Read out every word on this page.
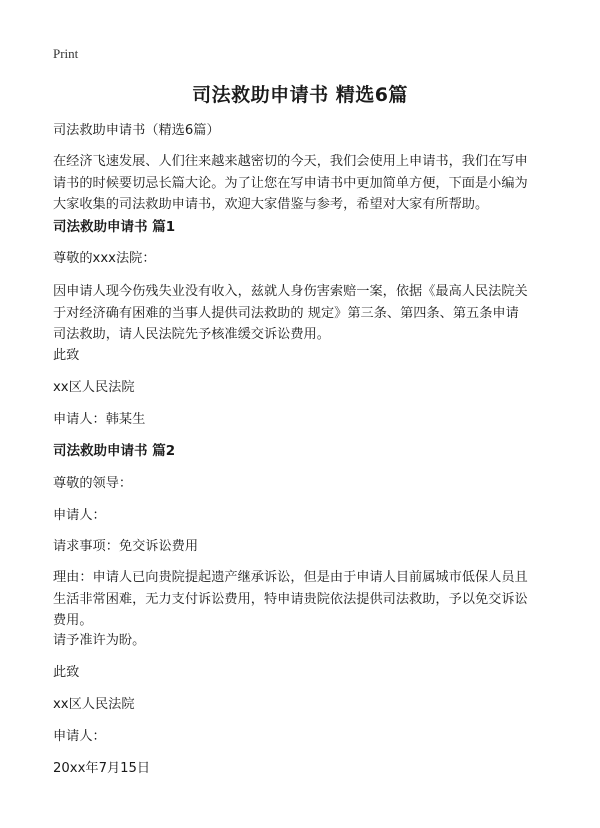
Print
司法救助申请书 精选6篇
司法救助申请书（精选6篇）
在经济飞速发展、人们往来越来越密切的今天，我们会使用上申请书，我们在写申
请书的时候要切忌长篇大论。为了让您在写申请书中更加简单方便，下面是小编为
大家收集的司法救助申请书，欢迎大家借鉴与参考，希望对大家有所帮助。
司法救助申请书 篇1
尊敬的xxx法院：
因申请人现今伤残失业没有收入，兹就人身伤害索赔一案，依据《最高人民法院关
于对经济确有困难的当事人提供司法救助的 规定》第三条、第四条、第五条申请
司法救助，请人民法院先予核准缓交诉讼费用。
此致
xx区人民法院
申请人：韩某生
司法救助申请书 篇2
尊敬的领导：
申请人：
请求事项：免交诉讼费用
理由：申请人已向贵院提起遗产继承诉讼，但是由于申请人目前属城市低保人员且
生活非常困难，无力支付诉讼费用，特申请贵院依法提供司法救助，予以免交诉讼
费用。
请予准许为盼。
此致
xx区人民法院
申请人：
20xx年7月15日
